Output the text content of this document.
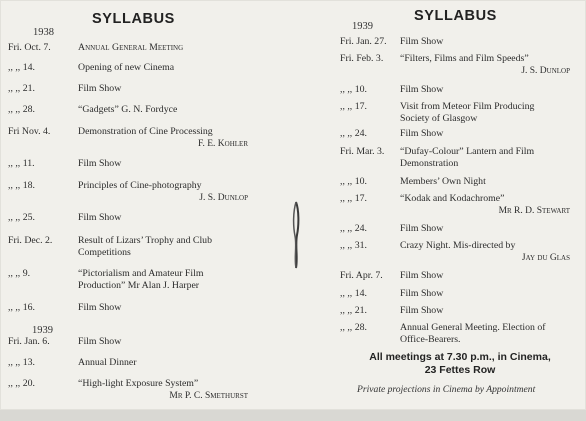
SYLLABUS
1938
Fri. Oct. 7.	Annual General Meeting
,, ,, 14.	Opening of new Cinema
,, ,, 21.	Film Show
,, ,, 28.	“Gadgets” G. N. Fordyce
Fri Nov. 4.	Demonstration of Cine Processing
F. E. Kohler
,, ,, 11.	Film Show
,, ,, 18.	Principles of Cine-photography
J. S. Dunlop
,, ,, 25.	Film Show
Fri. Dec. 2.	Result of Lizars’ Trophy and Club
Competitions
,, ,, 9.	“Pictorialism and Amateur Film
Production” Mr Alan J. Harper
,, ,, 16.	Film Show
Fri. Jan. 6.	Film Show
,, ,, 13.	Annual Dinner
,, ,, 20.	“High-light Exposure System”
Mr P. C. Smethurst
1939
SYLLABUS
1939
Fri. Jan. 27. Film Show
Fri. Feb. 3. “Filters, Films and Film Speeds”
J. S. Dunlop
,, ,, 10.	Film Show
,, ,, 17.	Visit from Meteor Film Producing
Society of Glasgow
,, ,, 24.	Film Show
Fri. Mar. 3. “Dufay-Colour” Lantern and Film
Demonstration
,, ,, 10.	Members’ Own Night
,, ,, 17.	“Kodak and Kodachrome”
Mr R. D. Stewart
,, ,, 24.	Film Show
,, ,, 31.	Crazy Night. Mis-directed by
Jay du Glas
Fri. Apr. 7. Film Show
,, ,, 14.	Film Show
,, ,, 21.	Film Show
,, ,, 28.	Annual General Meeting. Election of
Office-Bearers.
All meetings at 7.30 p.m., in Cinema,
23 Fettes Row
Private projections in Cinema by Appointment
